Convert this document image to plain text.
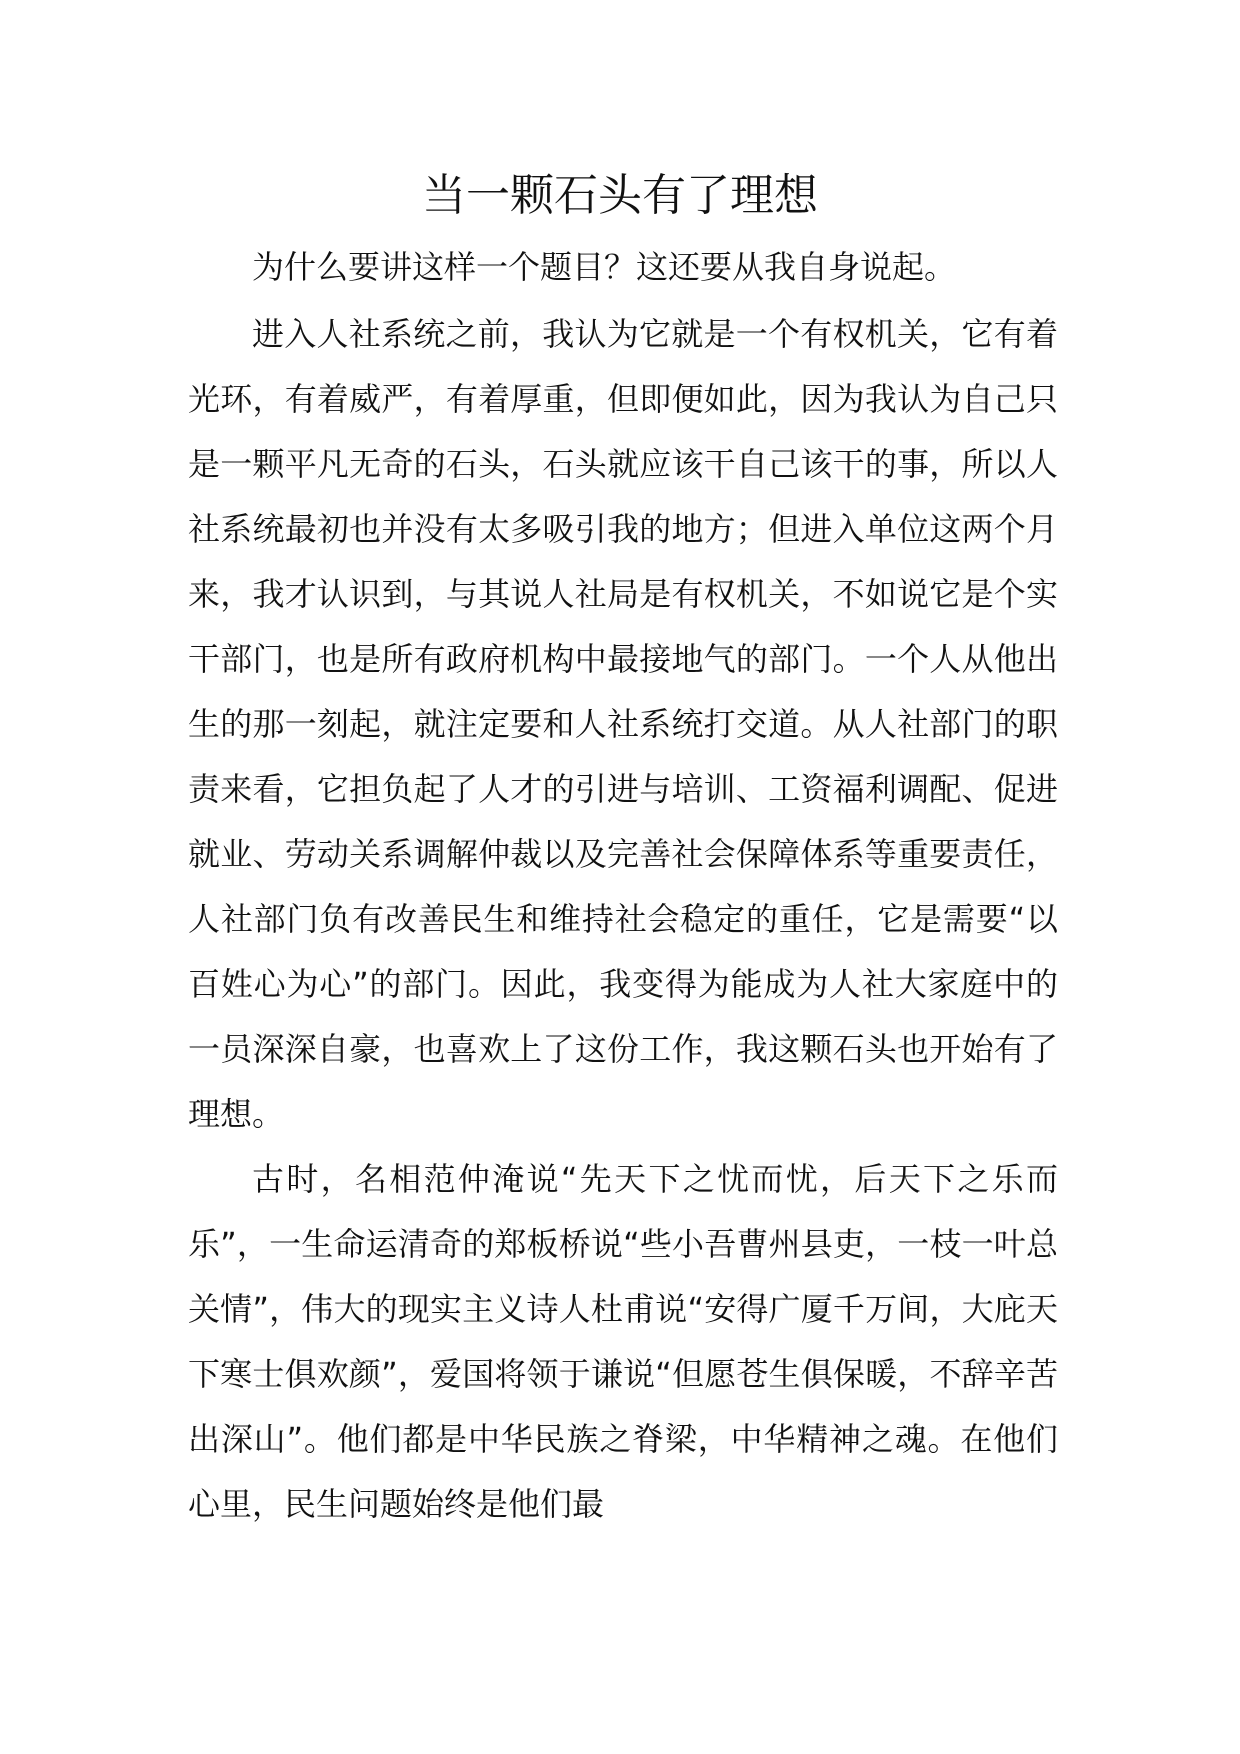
当一颗石头有了理想

为什么要讲这样一个题目？这还要从我自身说起。

进入人社系统之前，我认为它就是一个有权机关，它有着光环，有着威严，有着厚重，但即便如此，因为我认为自己只是一颗平凡无奇的石头，石头就应该干自己该干的事，所以人社系统最初也并没有太多吸引我的地方；但进入单位这两个月来，我才认识到，与其说人社局是有权机关，不如说它是个实干部门，也是所有政府机构中最接地气的部门。一个人从他出生的那一刻起，就注定要和人社系统打交道。从人社部门的职责来看，它担负起了人才的引进与培训、工资福利调配、促进就业、劳动关系调解仲裁以及完善社会保障体系等重要责任，人社部门负有改善民生和维持社会稳定的重任，它是需要“以百姓心为心”的部门。因此，我变得为能成为人社大家庭中的一员深深自豪，也喜欢上了这份工作，我这颗石头也开始有了理想。

古时，名相范仲淹说“先天下之忧而忧，后天下之乐而乐”，一生命运清奇的郑板桥说“些小吾曹州县吏，一枝一叶总关情”，伟大的现实主义诗人杜甫说“安得广厦千万间，大庇天下寒士俱欢颜”，爱国将领于谦说“但愿苍生俱保暖，不辞辛苦出深山”。他们都是中华民族之脊梁，中华精神之魂。在他们心里，民生问题始终是他们最
